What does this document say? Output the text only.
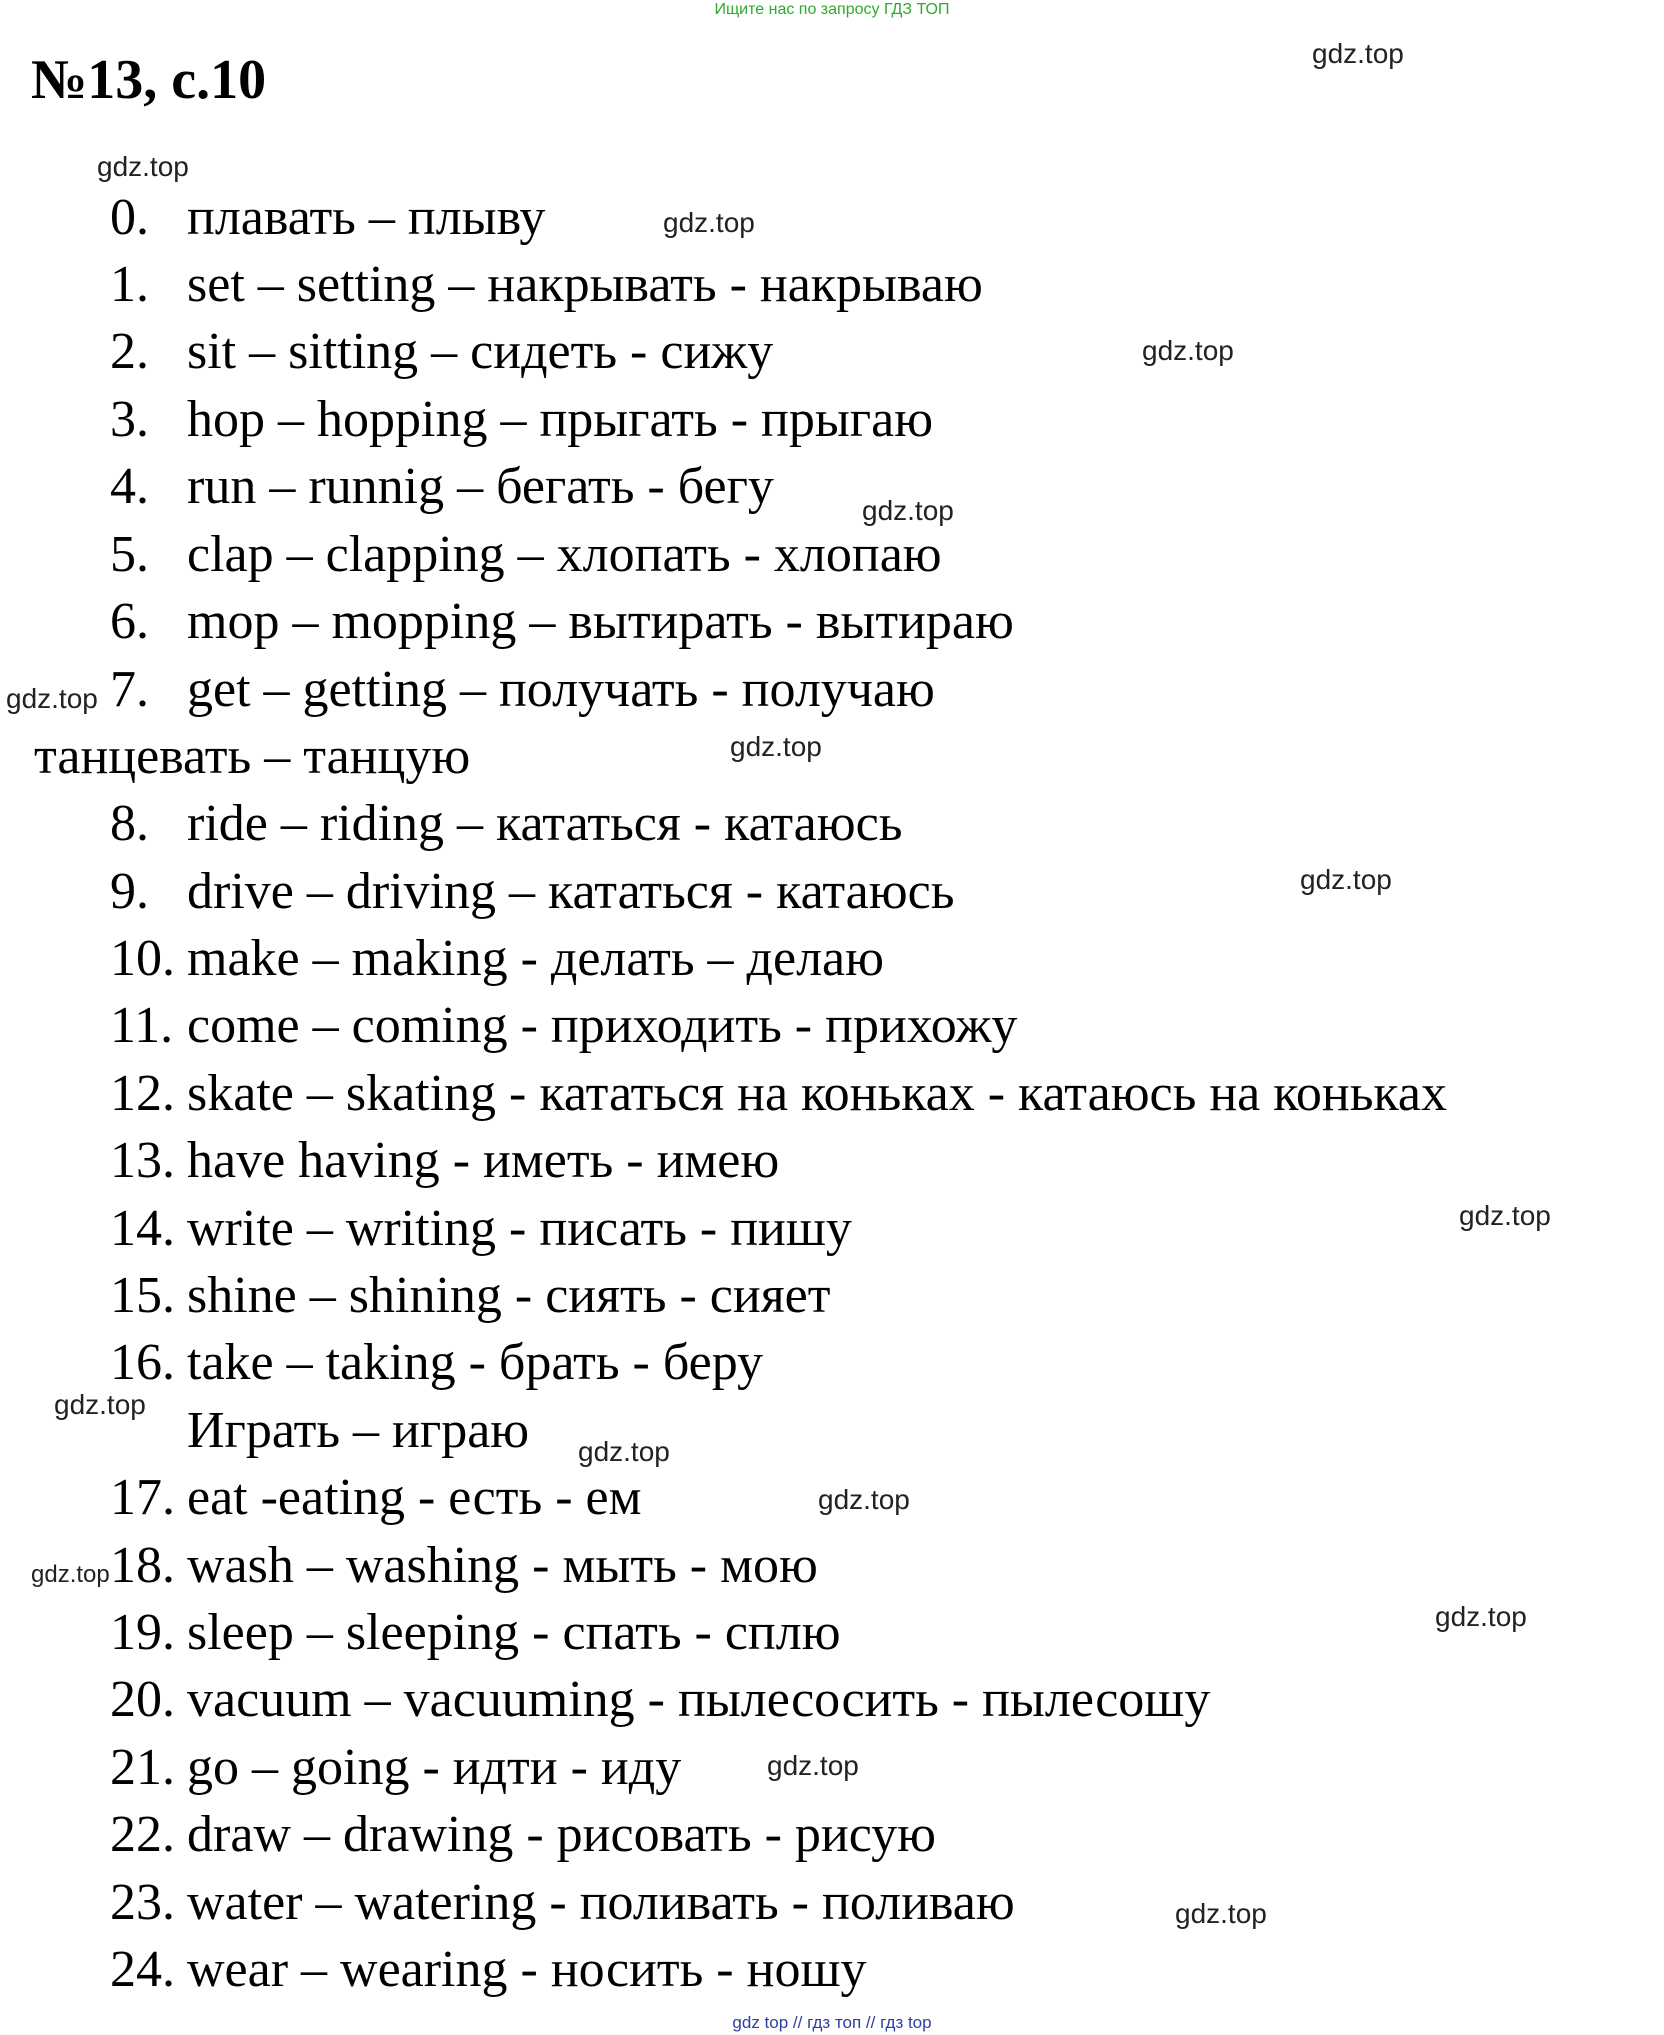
Ищите нас по запросу ГДЗ ТОП
№13, с.10
0. плавать – плыву
1. set – setting – накрывать - накрываю
2. sit – sitting – сидеть - сижу
3. hop – hopping – прыгать - прыгаю
4. run – runnig – бегать - бегу
5. clap – clapping – хлопать - хлопаю
6. mop – mopping – вытирать - вытираю
7. get – getting – получать - получаю
танцевать – танцую
8. ride – riding – кататься - катаюсь
9. drive – driving – кататься - катаюсь
10. make – making - делать – делаю
11. come – coming - приходить - прихожу
12. skate – skating - кататься на коньках - катаюсь на коньках
13. have having - иметь - имею
14. write – writing - писать - пишу
15. shine – shining - сиять - сияет
16. take – taking - брать - беру
Играть – играю
17. eat -eating - есть - ем
18. wash – washing - мыть - мою
19. sleep – sleeping - спать - сплю
20. vacuum – vacuuming - пылесосить - пылесошу
21. go – going - идти - иду
22. draw – drawing - рисовать - рисую
23. water – watering - поливать - поливаю
24. wear – wearing - носить - ношу
gdz.top
gdz.top
gdz.top
gdz.top
gdz.top
gdz.top
gdz.top
gdz.top
gdz.top
gdz.top
gdz.top
gdz.top
gdz.top
gdz.top
gdz.top
gdz.top
gdz top // гдз топ // гдз top
